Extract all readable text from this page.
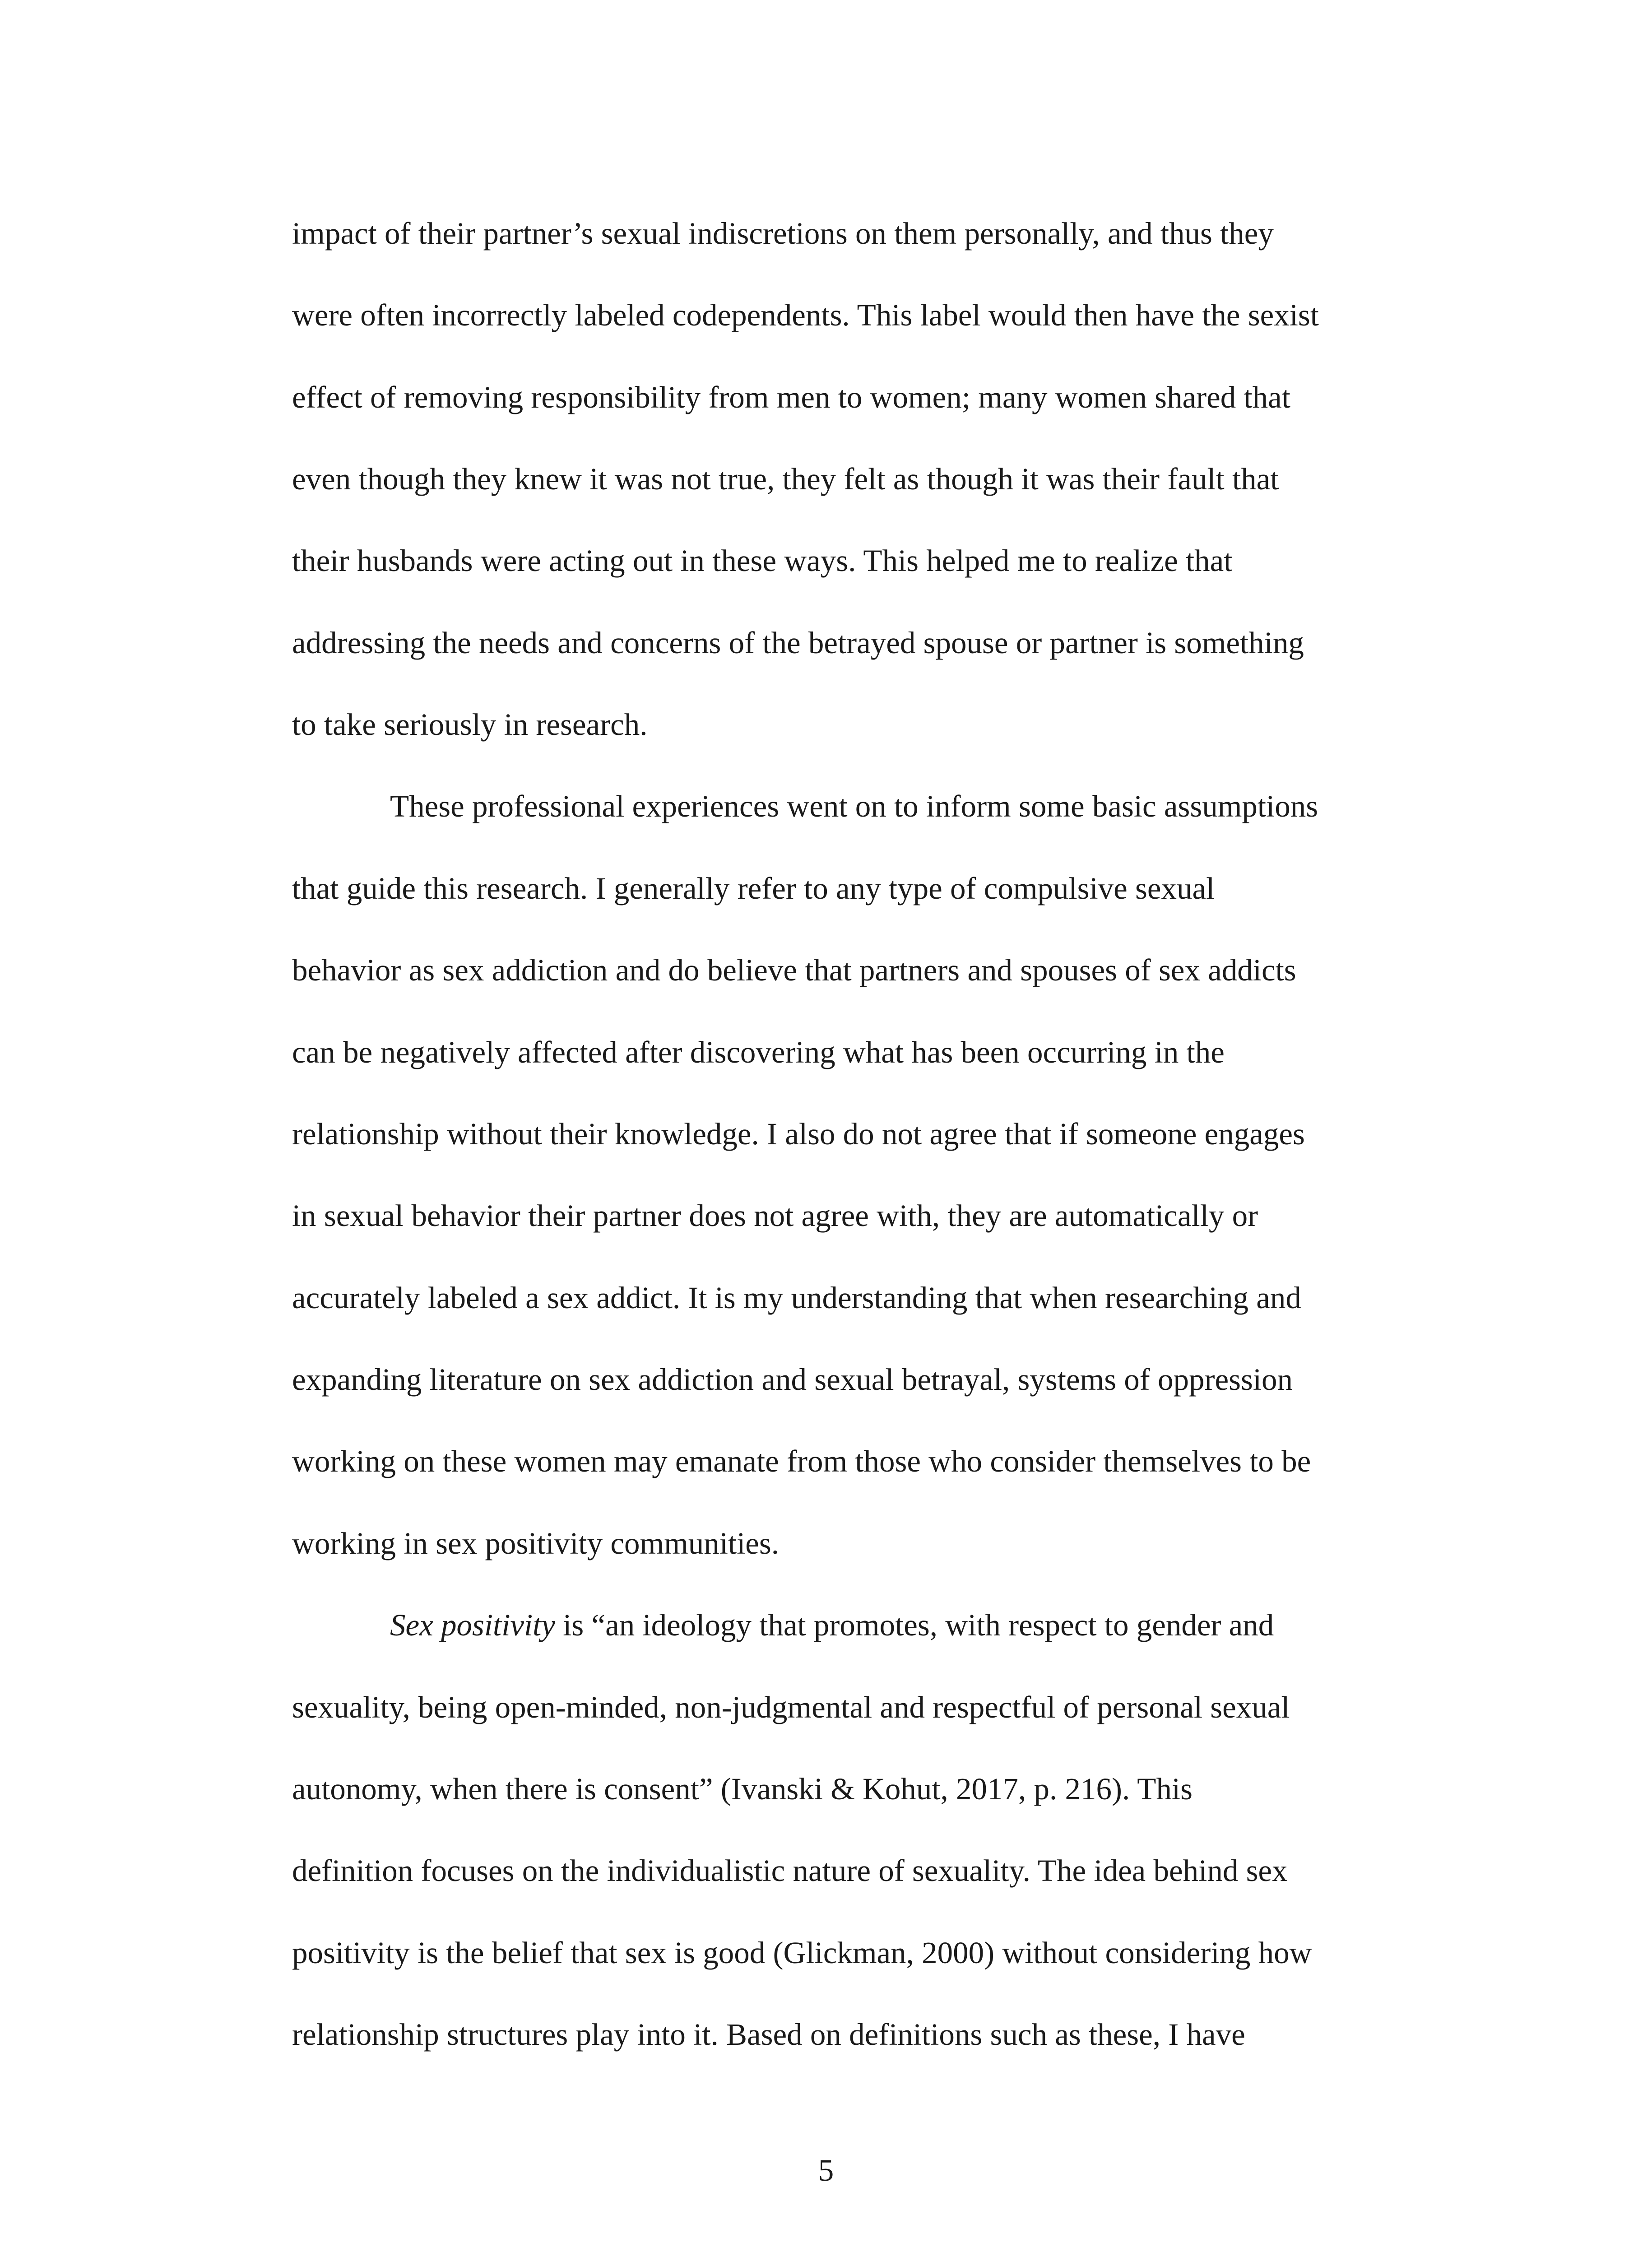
impact of their partner’s sexual indiscretions on them personally, and thus they

were often incorrectly labeled codependents. This label would then have the sexist

effect of removing responsibility from men to women; many women shared that

even though they knew it was not true, they felt as though it was their fault that

their husbands were acting out in these ways. This helped me to realize that

addressing the needs and concerns of the betrayed spouse or partner is something

to take seriously in research.

These professional experiences went on to inform some basic assumptions

that guide this research. I generally refer to any type of compulsive sexual

behavior as sex addiction and do believe that partners and spouses of sex addicts

can be negatively affected after discovering what has been occurring in the

relationship without their knowledge. I also do not agree that if someone engages

in sexual behavior their partner does not agree with, they are automatically or

accurately labeled a sex addict. It is my understanding that when researching and

expanding literature on sex addiction and sexual betrayal, systems of oppression

working on these women may emanate from those who consider themselves to be

working in sex positivity communities.

Sex positivity is “an ideology that promotes, with respect to gender and

sexuality, being open-minded, non-judgmental and respectful of personal sexual

autonomy, when there is consent” (Ivanski & Kohut, 2017, p. 216). This

definition focuses on the individualistic nature of sexuality. The idea behind sex

positivity is the belief that sex is good (Glickman, 2000) without considering how

relationship structures play into it. Based on definitions such as these, I have

5
